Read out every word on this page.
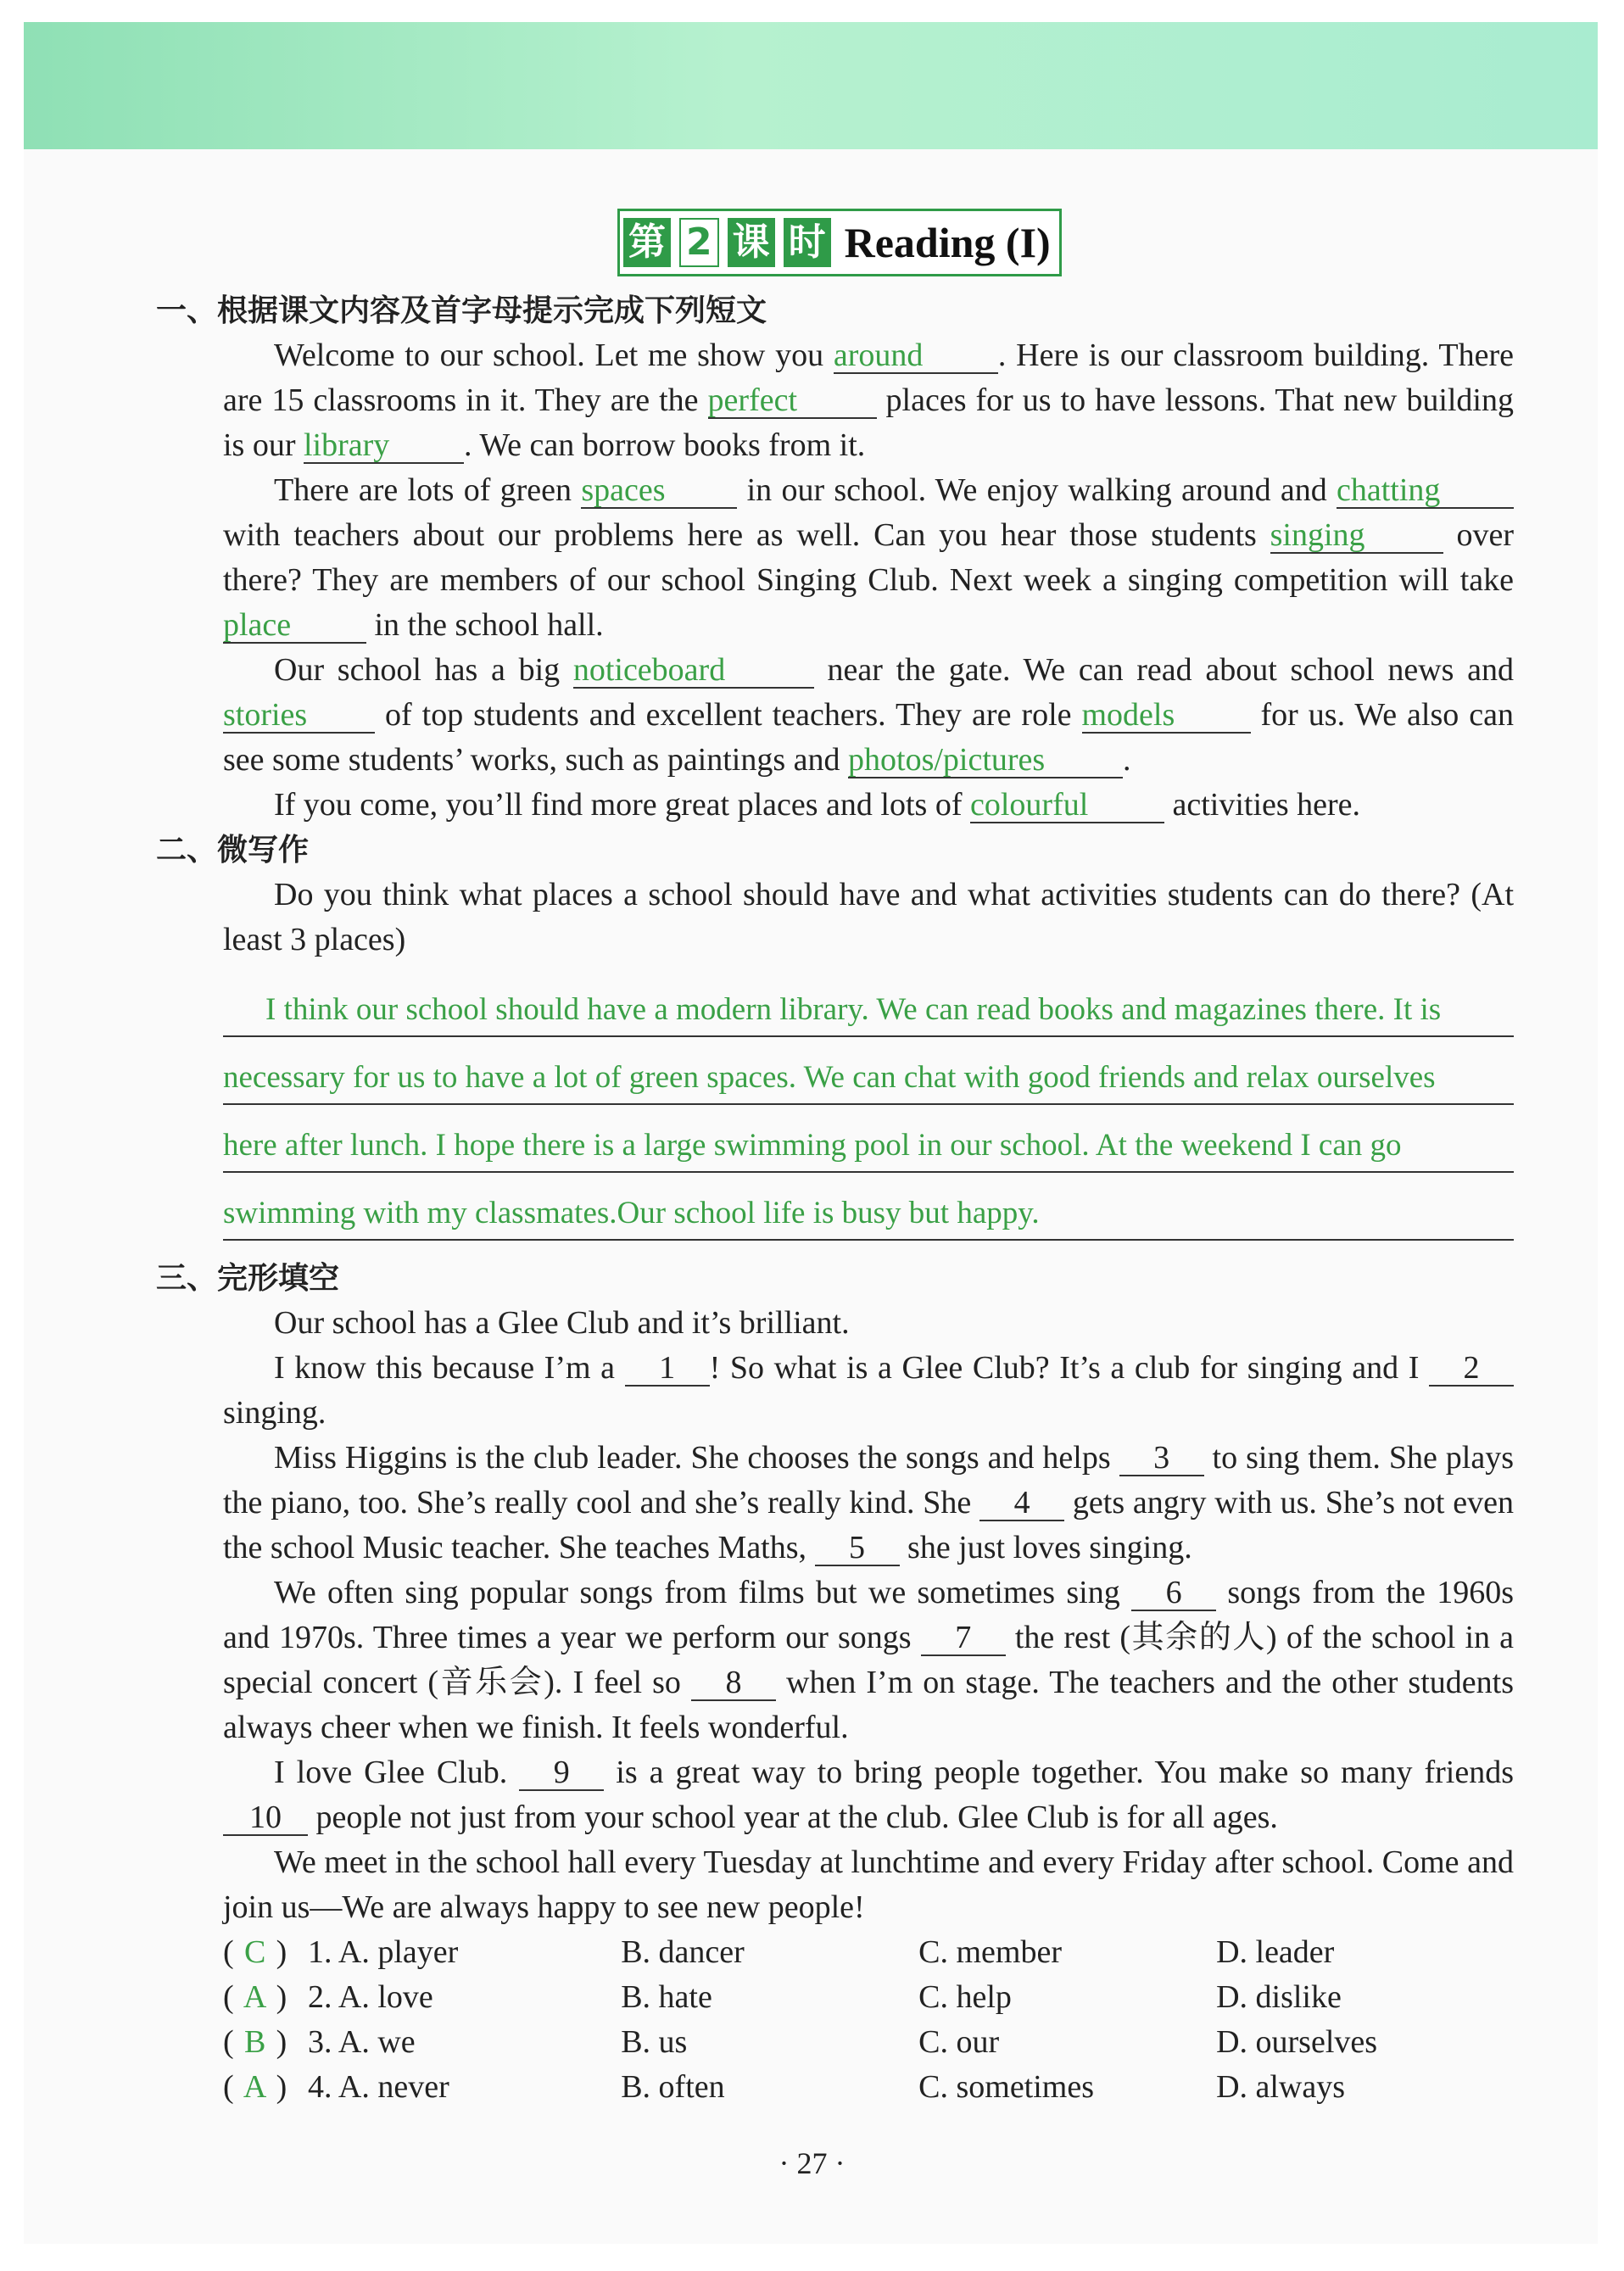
第 2 课 时 Reading (I)
一、根据课文内容及首字母提示完成下列短文
Welcome to our school. Let me show you around . Here is our classroom building. There are 15 classrooms in it. They are the perfect places for us to have lessons. That new building is our library . We can borrow books from it.
There are lots of green spaces in our school. We enjoy walking around and chatting with teachers about our problems here as well. Can you hear those students singing over there? They are members of our school Singing Club. Next week a singing competition will take place in the school hall.
Our school has a big noticeboard	near the gate. We can read about school news and stories of top students and excellent teachers. They are role models for us. We also can see some students’ works, such as paintings and photos/pictures .
If you come, you’ll find more great places and lots of colourful activities here.
二、微写作
Do you think what places a school should have and what activities students can do there? (At least 3 places)
I think our school should have a modern library. We can read books and magazines there. It is
necessary for us to have a lot of green spaces. We can chat with good friends and relax ourselves
here after lunch. I hope there is a large swimming pool in our school. At the weekend I can go
swimming with my classmates.Our school life is busy but happy.
三、完形填空
Our school has a Glee Club and it’s brilliant.
I know this because I’m a 1 ! So what is a Glee Club? It’s a club for singing and I 2 singing.
Miss Higgins is the club leader. She chooses the songs and helps 3 to sing them. She plays the piano, too. She’s really cool and she’s really kind. She 4 gets angry with us. She’s not even the school Music teacher. She teaches Maths, 5 she just loves singing.
We often sing popular songs from films but we sometimes sing 6 songs from the 1960s and 1970s. Three times a year we perform our songs 7 the rest (其余的人) of the school in a special concert (音乐会). I feel so 8 when I’m on stage. The teachers and the other students always cheer when we finish. It feels wonderful.
I love Glee Club. 9 is a great way to bring people together. You make so many friends 10 people not just from your school year at the club. Glee Club is for all ages.
We meet in the school hall every Tuesday at lunchtime and every Friday after school. Come and join us—We are always happy to see new people!
( C ) 1. A. player	B. dancer	C. member	D. leader
( A ) 2. A. love	B. hate	C. help	D. dislike
( B ) 3. A. we	B. us	C. our	D. ourselves
( A ) 4. A. never	B. often	C. sometimes	D. always
· 27 ·
